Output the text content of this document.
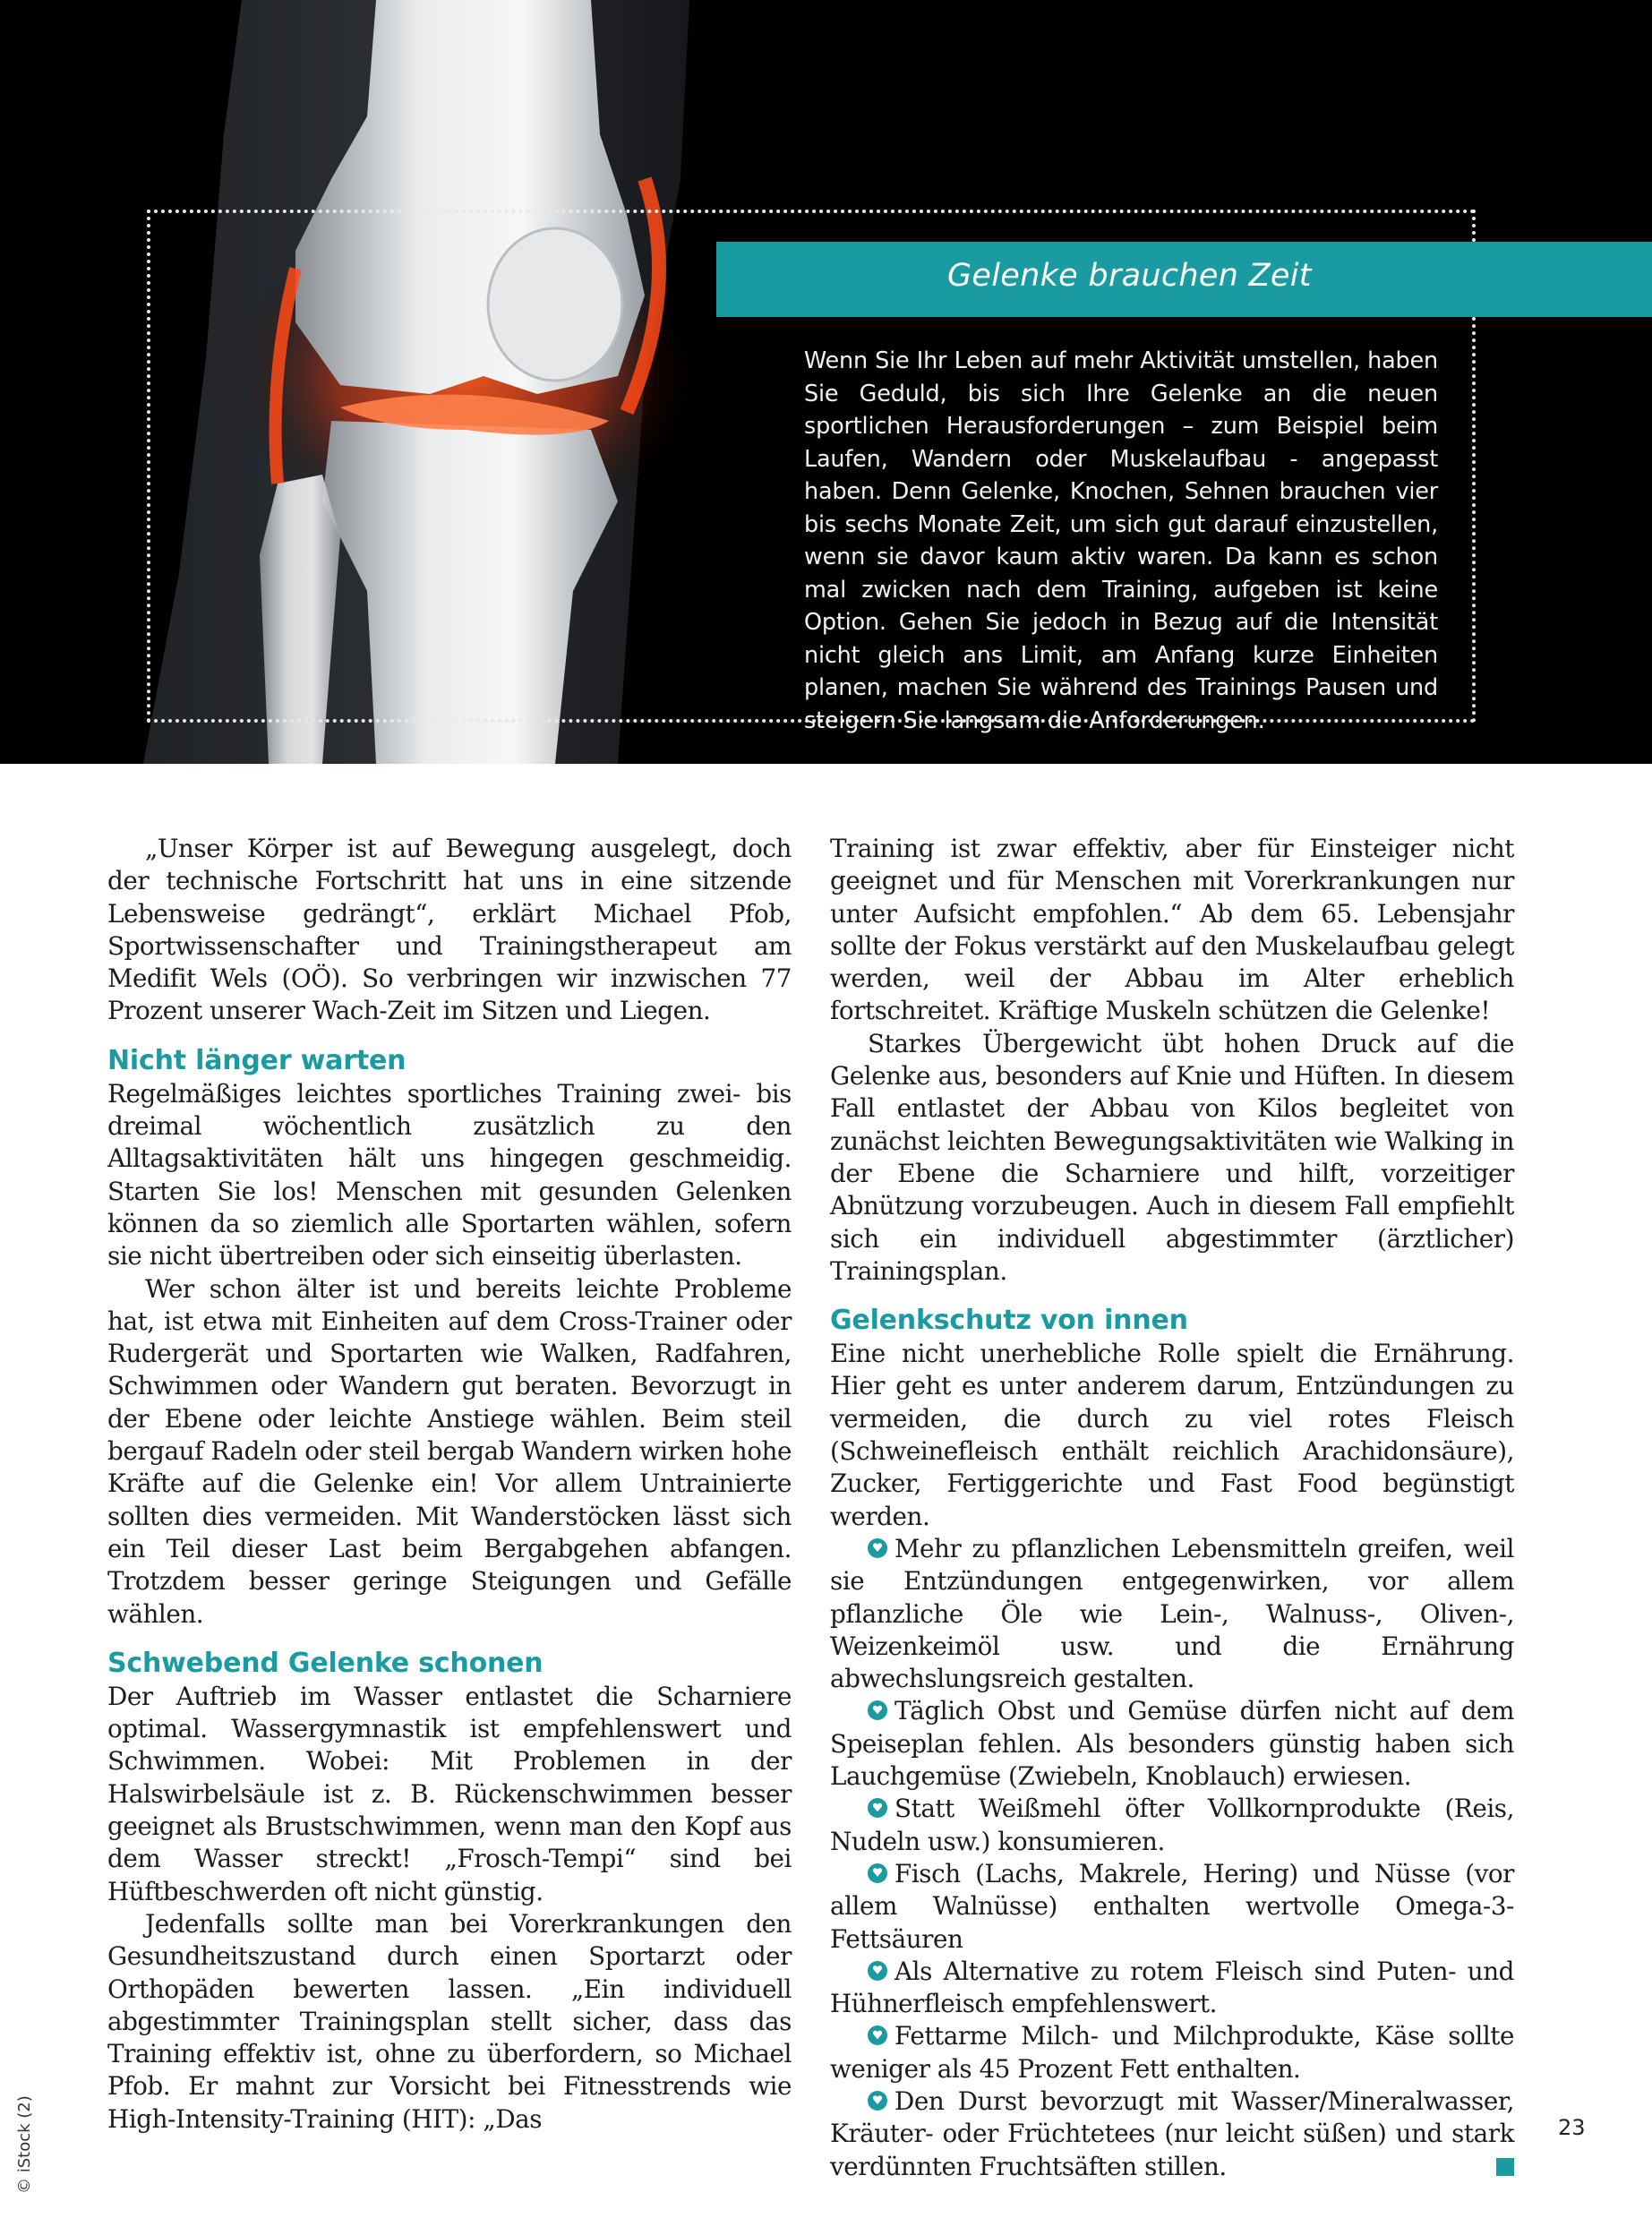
Gelenke brauchen Zeit
Wenn Sie Ihr Leben auf mehr Aktivität umstellen, haben Sie Geduld, bis sich Ihre Gelenke an die neuen sportlichen Herausforderungen – zum Beispiel beim Laufen, Wandern oder Muskelaufbau - angepasst haben. Denn Gelenke, Knochen, Sehnen brauchen vier bis sechs Monate Zeit, um sich gut darauf einzustellen, wenn sie davor kaum aktiv waren. Da kann es schon mal zwicken nach dem Training, aufgeben ist keine Option. Gehen Sie jedoch in Bezug auf die Intensität nicht gleich ans Limit, am Anfang kurze Einheiten planen, machen Sie während des Trainings Pausen und steigern Sie langsam die Anforderungen.

„Unser Körper ist auf Bewegung ausgelegt, doch der technische Fortschritt hat uns in eine sitzende Lebensweise gedrängt“, erklärt Michael Pfob, Sportwissenschafter und Trainingstherapeut am Medifit Wels (OÖ). So verbringen wir inzwischen 77 Prozent unserer Wach-Zeit im Sitzen und Liegen.

Nicht länger warten

Regelmäßiges leichtes sportliches Training zwei- bis dreimal wöchentlich zusätzlich zu den Alltagsaktivitäten hält uns hingegen geschmeidig. Starten Sie los! Menschen mit gesunden Gelenken können da so ziemlich alle Sportarten wählen, sofern sie nicht übertreiben oder sich einseitig überlasten.

Wer schon älter ist und bereits leichte Probleme hat, ist etwa mit Einheiten auf dem Cross-Trainer oder Rudergerät und Sportarten wie Walken, Radfahren, Schwimmen oder Wandern gut beraten. Bevorzugt in der Ebene oder leichte Anstiege wählen. Beim steil bergauf Radeln oder steil bergab Wandern wirken hohe Kräfte auf die Gelenke ein! Vor allem Untrainierte sollten dies vermeiden. Mit Wanderstöcken lässt sich ein Teil dieser Last beim Bergabgehen abfangen. Trotzdem besser geringe Steigungen und Gefälle wählen.

Schwebend Gelenke schonen

Der Auftrieb im Wasser entlastet die Scharniere optimal. Wassergymnastik ist empfehlenswert und Schwimmen. Wobei: Mit Problemen in der Halswirbelsäule ist z. B. Rückenschwimmen besser geeignet als Brustschwimmen, wenn man den Kopf aus dem Wasser streckt! „Frosch-Tempi“ sind bei Hüftbeschwerden oft nicht günstig.

Jedenfalls sollte man bei Vorerkrankungen den Gesundheitszustand durch einen Sportarzt oder Orthopäden bewerten lassen. „Ein individuell abgestimmter Trainingsplan stellt sicher, dass das Training effektiv ist, ohne zu überfordern, so Michael Pfob. Er mahnt zur Vorsicht bei Fitnesstrends wie High-Intensity-Training (HIT): „Das

Training ist zwar effektiv, aber für Einsteiger nicht geeignet und für Menschen mit Vorerkrankungen nur unter Aufsicht empfohlen.“ Ab dem 65. Lebensjahr sollte der Fokus verstärkt auf den Muskelaufbau gelegt werden, weil der Abbau im Alter erheblich fortschreitet. Kräftige Muskeln schützen die Gelenke!

Starkes Übergewicht übt hohen Druck auf die Gelenke aus, besonders auf Knie und Hüften. In diesem Fall entlastet der Abbau von Kilos begleitet von zunächst leichten Bewegungsaktivitäten wie Walking in der Ebene die Scharniere und hilft, vorzeitiger Abnützung vorzubeugen. Auch in diesem Fall empfiehlt sich ein individuell abgestimmter (ärztlicher) Trainingsplan.

Gelenkschutz von innen

Eine nicht unerhebliche Rolle spielt die Ernährung. Hier geht es unter anderem darum, Entzündungen zu vermeiden, die durch zu viel rotes Fleisch (Schweinefleisch enthält reichlich Arachidonsäure), Zucker, Fertiggerichte und Fast Food begünstigt werden.

Mehr zu pflanzlichen Lebensmitteln greifen, weil sie Entzündungen entgegenwirken, vor allem pflanzliche Öle wie Lein-, Walnuss-, Oliven-, Weizenkeimöl usw. und die Ernährung abwechslungsreich gestalten.

Täglich Obst und Gemüse dürfen nicht auf dem Speiseplan fehlen. Als besonders günstig haben sich Lauchgemüse (Zwiebeln, Knoblauch) erwiesen.

Statt Weißmehl öfter Vollkornprodukte (Reis, Nudeln usw.) konsumieren.

Fisch (Lachs, Makrele, Hering) und Nüsse (vor allem Walnüsse) enthalten wertvolle Omega-3-Fettsäuren

Als Alternative zu rotem Fleisch sind Puten- und Hühnerfleisch empfehlenswert.

Fettarme Milch- und Milchprodukte, Käse sollte weniger als 45 Prozent Fett enthalten.

Den Durst bevorzugt mit Wasser/Mineralwasser, Kräuter- oder Früchtetees (nur leicht süßen) und stark verdünnten Fruchtsäften stillen.

© iStock (2)	23
